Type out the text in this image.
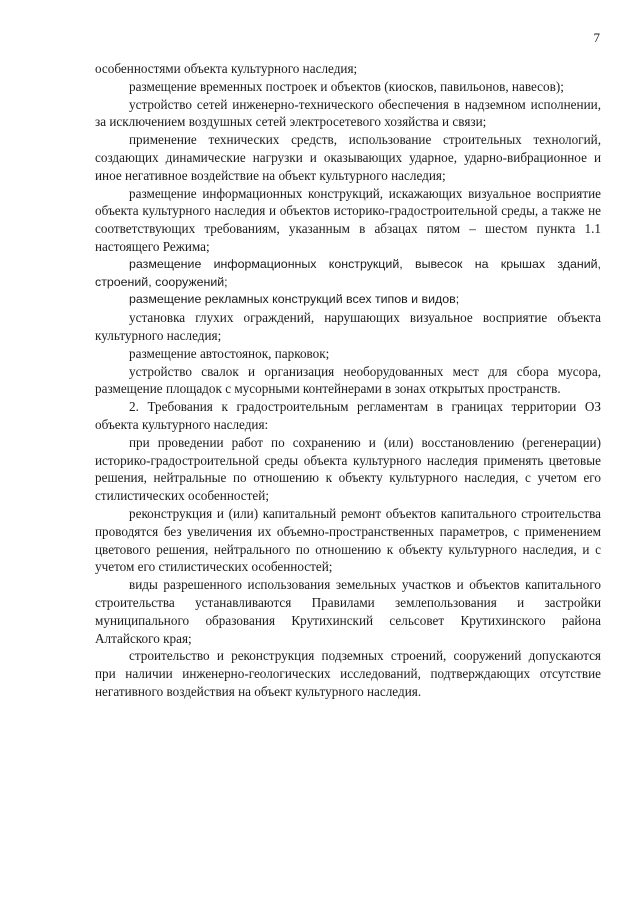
7

особенностями объекта культурного наследия;

размещение временных построек и объектов (киосков, павильонов, навесов);

устройство сетей инженерно-технического обеспечения в надземном исполнении, за исключением воздушных сетей электросетевого хозяйства и связи;

применение технических средств, использование строительных технологий, создающих динамические нагрузки и оказывающих ударное, ударно-вибрационное и иное негативное воздействие на объект культурного наследия;

размещение информационных конструкций, искажающих визуальное восприятие объекта культурного наследия и объектов историко-градостроительной среды, а также не соответствующих требованиям, указанным в абзацах пятом – шестом пункта 1.1 настоящего Режима;

размещение информационных конструкций, вывесок на крышах зданий, строений, сооружений;

размещение рекламных конструкций всех типов и видов;

установка глухих ограждений, нарушающих визуальное восприятие объекта культурного наследия;

размещение автостоянок, парковок;

устройство свалок и организация необорудованных мест для сбора мусора, размещение площадок с мусорными контейнерами в зонах открытых пространств.

2. Требования к градостроительным регламентам в границах территории ОЗ объекта культурного наследия:

при проведении работ по сохранению и (или) восстановлению (регенерации) историко-градостроительной среды объекта культурного наследия применять цветовые решения, нейтральные по отношению к объекту культурного наследия, с учетом его стилистических особенностей;

реконструкция и (или) капитальный ремонт объектов капитального строительства проводятся без увеличения их объемно-пространственных параметров, с применением цветового решения, нейтрального по отношению к объекту культурного наследия, и с учетом его стилистических особенностей;

виды разрешенного использования земельных участков и объектов капитального строительства устанавливаются Правилами землепользования и застройки муниципального образования Крутихинский сельсовет Крутихинского района Алтайского края;

строительство и реконструкция подземных строений, сооружений допускаются при наличии инженерно-геологических исследований, подтверждающих отсутствие негативного воздействия на объект культурного наследия.
